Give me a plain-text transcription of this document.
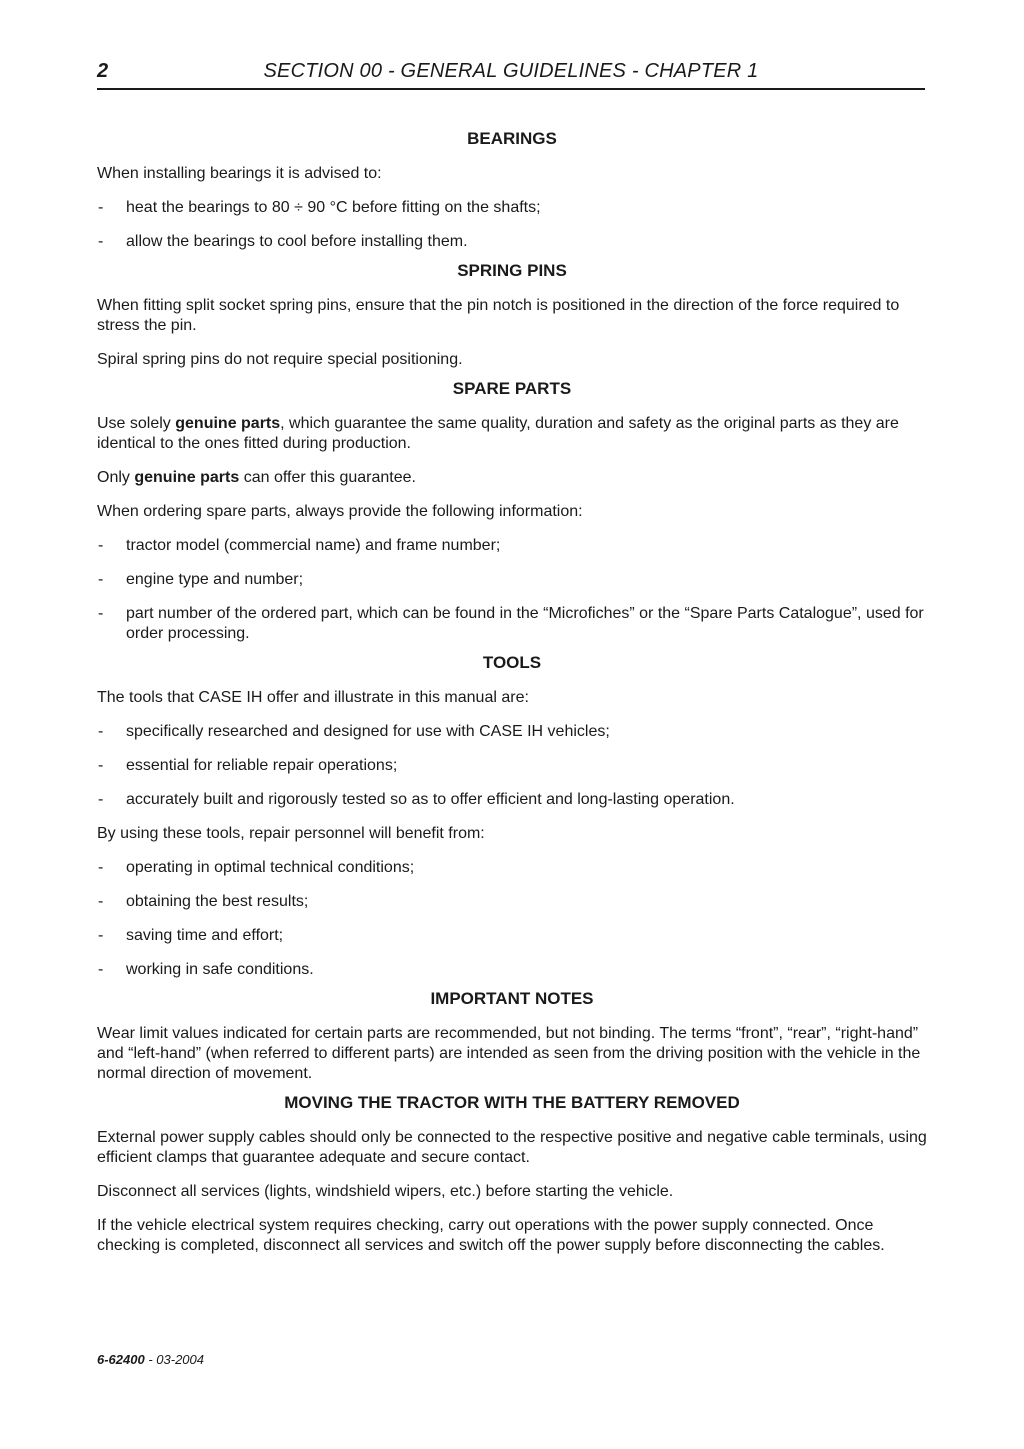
2	SECTION 00 - GENERAL GUIDELINES - CHAPTER 1
BEARINGS

When installing bearings it is advised to:

- heat the bearings to 80 ÷ 90 °C before fitting on the shafts;
- allow the bearings to cool before installing them.
SPRING PINS

When fitting split socket spring pins, ensure that the pin notch is positioned in the direction of the force required to stress the pin.

Spiral spring pins do not require special positioning.

SPARE PARTS

Use solely genuine parts, which guarantee the same quality, duration and safety as the original parts as they are identical to the ones fitted during production.

Only genuine parts can offer this guarantee.

When ordering spare parts, always provide the following information:

- tractor model (commercial name) and frame number;
- engine type and number;
- part number of the ordered part, which can be found in the “Microfiches” or the “Spare Parts Catalogue”, used for order processing.
TOOLS

The tools that CASE IH offer and illustrate in this manual are:

- specifically researched and designed for use with CASE IH vehicles;
- essential for reliable repair operations;
- accurately built and rigorously tested so as to offer efficient and long-lasting operation.

By using these tools, repair personnel will benefit from:

- operating in optimal technical conditions;
- obtaining the best results;
- saving time and effort;
- working in safe conditions.
IMPORTANT NOTES

Wear limit values indicated for certain parts are recommended, but not binding. The terms “front”, “rear”, “right-hand” and “left-hand” (when referred to different parts) are intended as seen from the driving position with the vehicle in the normal direction of movement.

MOVING THE TRACTOR WITH THE BATTERY REMOVED

External power supply cables should only be connected to the respective positive and negative cable terminals, using efficient clamps that guarantee adequate and secure contact.

Disconnect all services (lights, windshield wipers, etc.) before starting the vehicle.

If the vehicle electrical system requires checking, carry out operations with the power supply connected. Once checking is completed, disconnect all services and switch off the power supply before disconnecting the cables.

6-62400 - 03-2004
